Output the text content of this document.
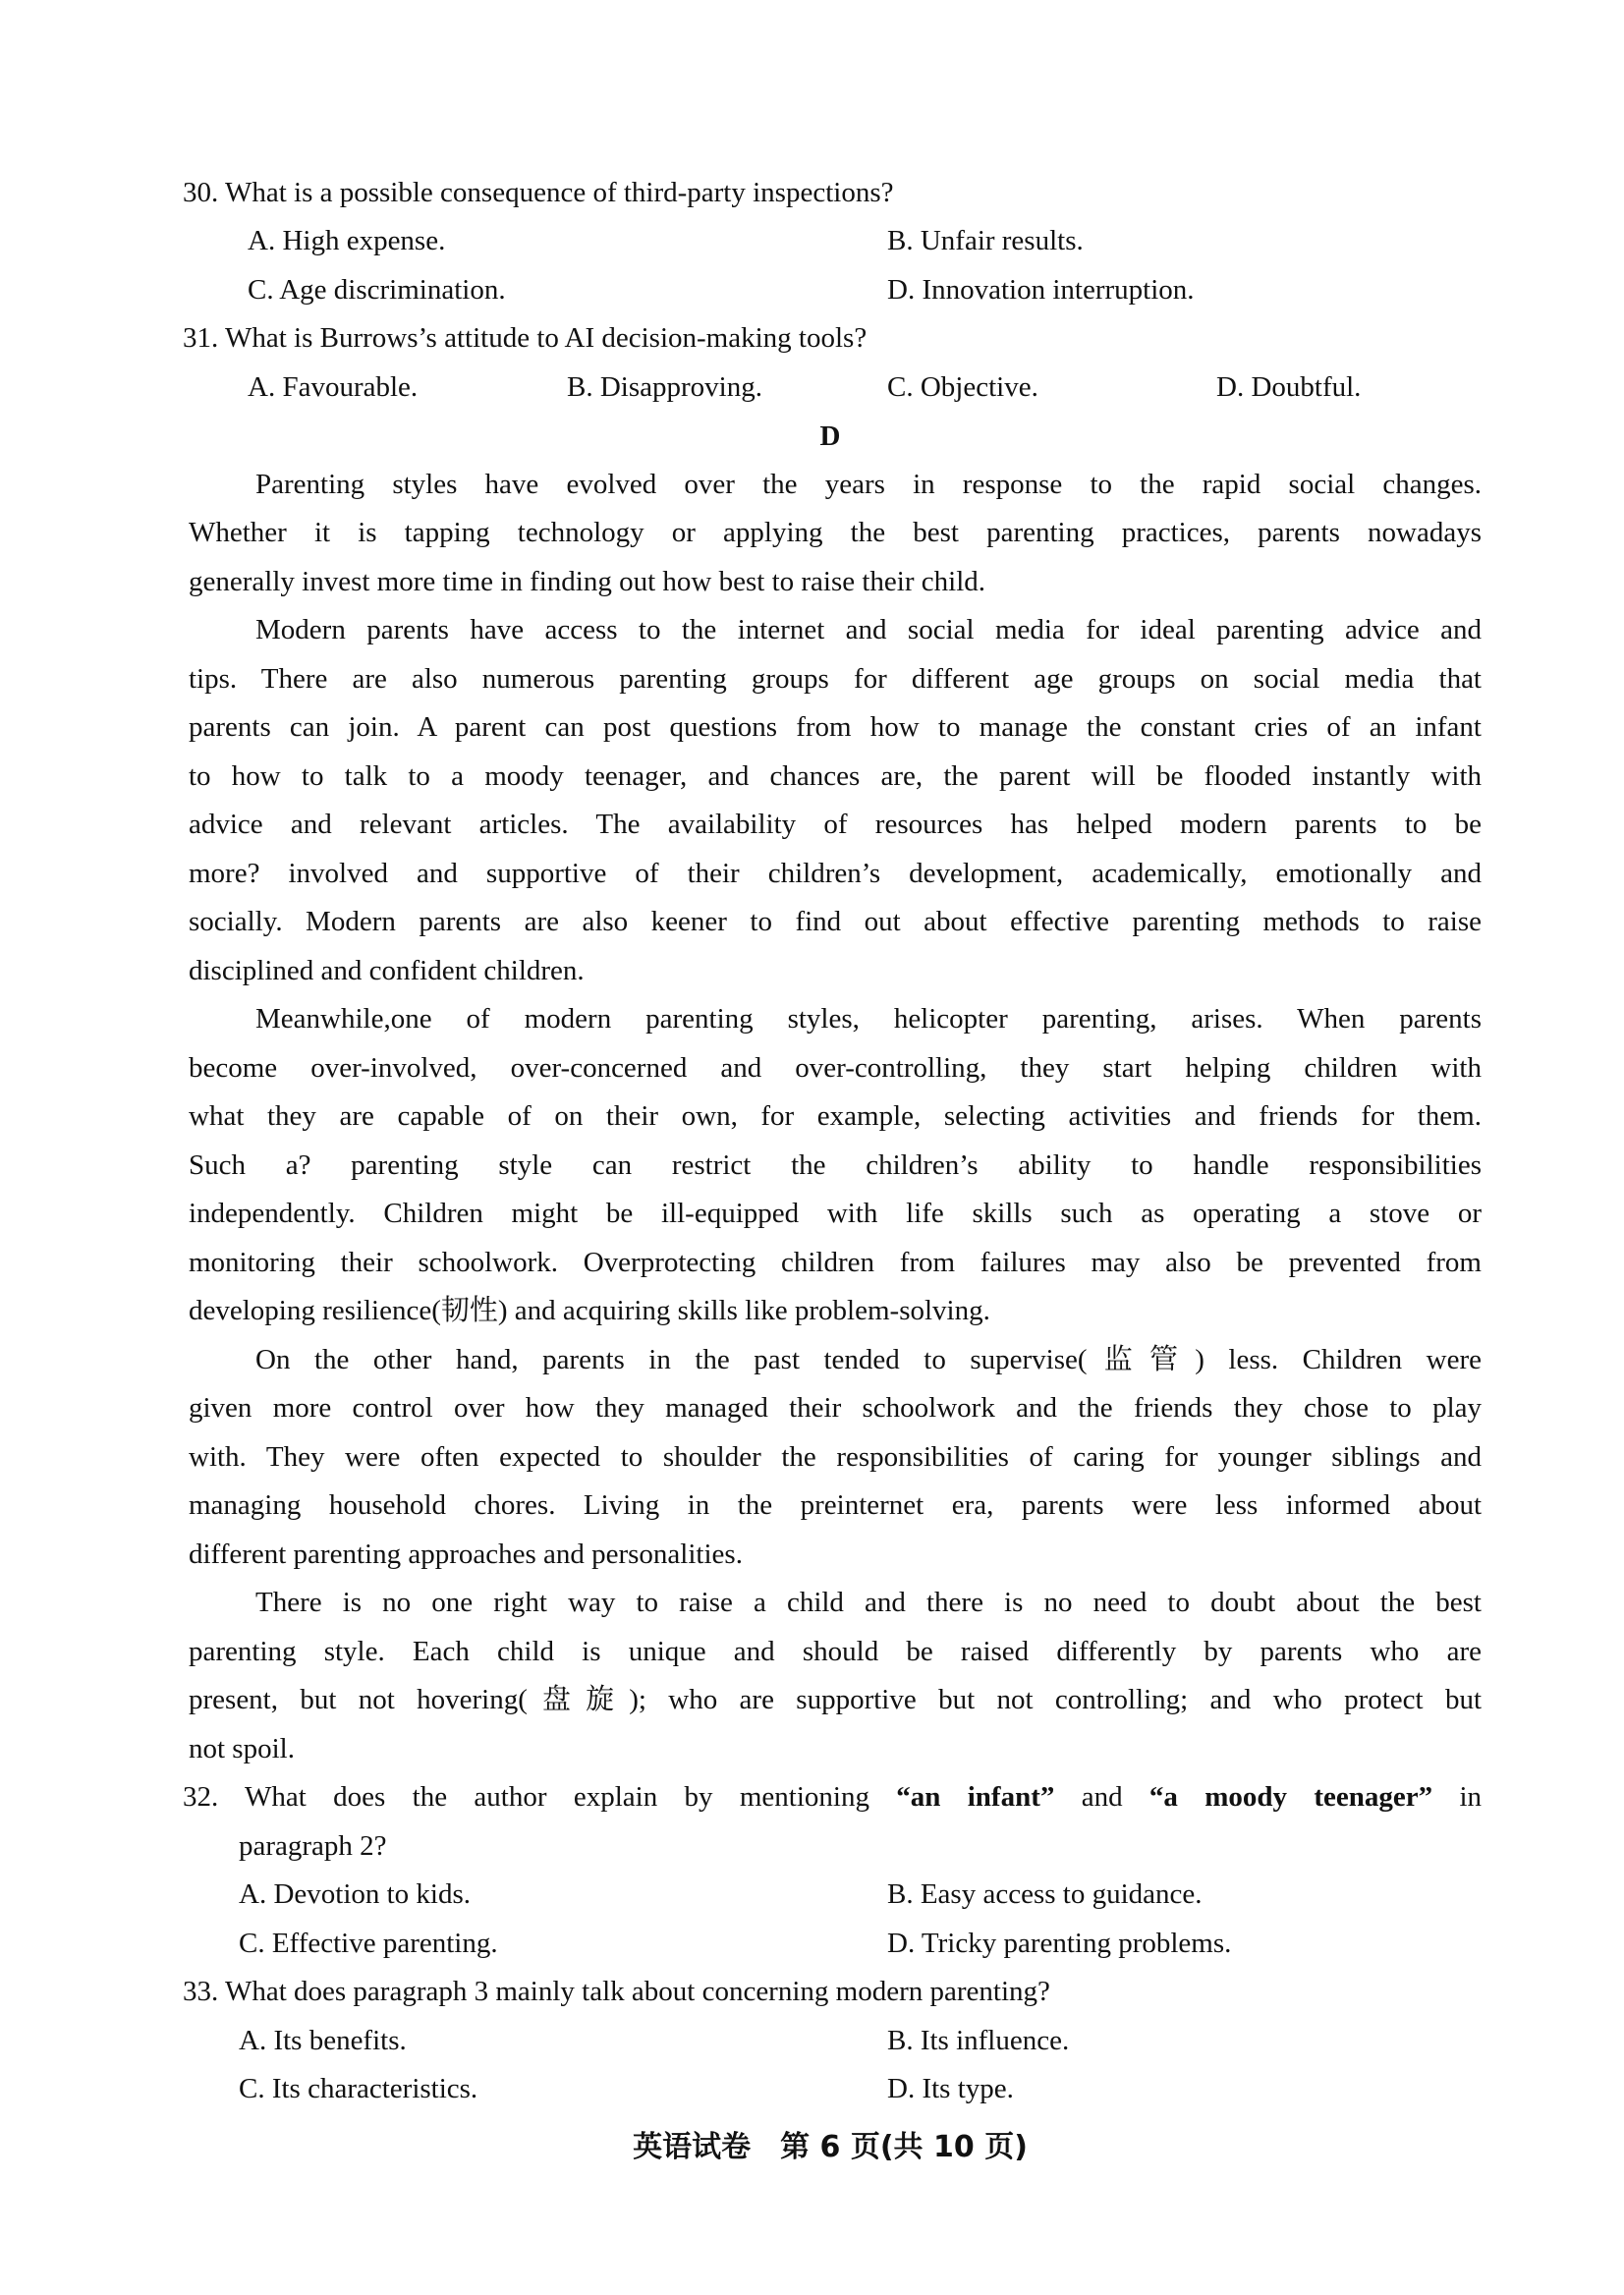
30. What is a possible consequence of third-party inspections?
A. High expense.	B. Unfair results.
C. Age discrimination.	D. Innovation interruption.
31. What is Burrows’s attitude to AI decision-making tools?
A. Favourable.	B. Disapproving.	C. Objective.	D. Doubtful.
D
Parenting styles have evolved over the years in response to the rapid social changes.
Whether it is tapping technology or applying the best parenting practices, parents nowadays
generally invest more time in finding out how best to raise their child.
Modern parents have access to the internet and social media for ideal parenting advice and
tips. There are also numerous parenting groups for different age groups on social media that
parents can join. A parent can post questions from how to manage the constant cries of an infant
to how to talk to a moody teenager, and chances are, the parent will be flooded instantly with
advice and relevant articles. The availability of resources has helped modern parents to be
more? involved and supportive of their children’s development, academically, emotionally and
socially. Modern parents are also keener to find out about effective parenting methods to raise
disciplined and confident children.
Meanwhile,one of modern parenting styles, helicopter parenting, arises. When parents
become over-involved, over-concerned and over-controlling, they start helping children with
what they are capable of on their own, for example, selecting activities and friends for them.
Such a? parenting style can restrict the children’s ability to handle responsibilities
independently. Children might be ill-equipped with life skills such as operating a stove or
monitoring their schoolwork. Overprotecting children from failures may also be prevented from
developing resilience(韧性) and acquiring skills like problem-solving.
On the other hand, parents in the past tended to supervise(监管) less. Children were
given more control over how they managed their schoolwork and the friends they chose to play
with. They were often expected to shoulder the responsibilities of caring for younger siblings and
managing household chores. Living in the preinternet era, parents were less informed about
different parenting approaches and personalities.
There is no one right way to raise a child and there is no need to doubt about the best
parenting style. Each child is unique and should be raised differently by parents who are
present, but not hovering(盘旋); who are supportive but not controlling; and who protect but
not spoil.
32. What does the author explain by mentioning “an infant” and “a moody teenager” in
paragraph 2?
A. Devotion to kids.	B. Easy access to guidance.
C. Effective parenting.	D. Tricky parenting problems.
33. What does paragraph 3 mainly talk about concerning modern parenting?
A. Its benefits.	B. Its influence.
C. Its characteristics.	D. Its type.
英语试卷　第 6 页(共 10 页)
